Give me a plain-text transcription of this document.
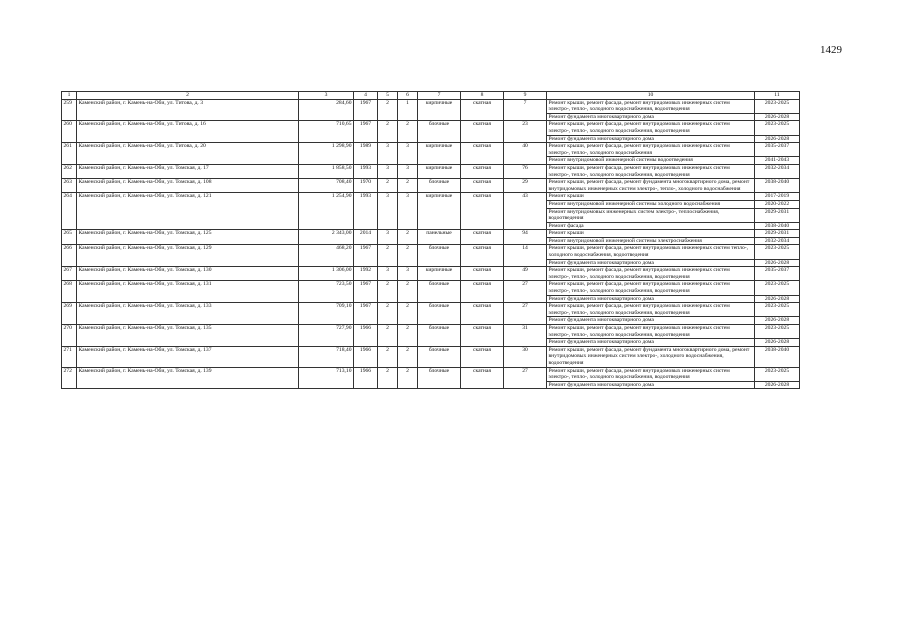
1429
1	2	3	4	5	6	7	8	9	10	11
259	Каменский район, г. Камень-на-Оби, ул. Титова, д. 3	284,60	1967	2	1	кирпичные	скатная	7	Ремонт крыши, ремонт фасада, ремонт внутридомовых инженерных систем электро-, тепло-, холодного водоснабжения, водоотведения	2023-2025
									Ремонт фундамента многоквартирного дома	2026-2028
260	Каменский район, г. Камень-на-Оби, ул. Титова, д. 16	710,65	1967	2	2	блочные	скатная	23	Ремонт крыши, ремонт фасада, ремонт внутридомовых инженерных систем электро-, тепло-, холодного водоснабжения, водоотведения	2023-2025
									Ремонт фундамента многоквартирного дома	2026-2028
261	Каменский район, г. Камень-на-Оби, ул. Титова, д. 20	1 298,90	1989	3	3	кирпичные	скатная	40	Ремонт крыши, ремонт фасада, ремонт внутридомовых инженерных систем электро-, тепло-, холодного водоснабжения	2035-2037
									Ремонт внутридомовой инженерной системы водоотведения	2041-2043
262	Каменский район, г. Камень-на-Оби, ул. Томская, д. 17	1 858,50	1993	3	3	кирпичные	скатная	76	Ремонт крыши, ремонт фасада, ремонт внутридомовых инженерных систем электро-, тепло-, холодного водоснабжения, водоотведения	2032-2034
263	Каменский район, г. Камень-на-Оби, ул. Томская, д. 108	708,40	1970	2	2	блочные	скатная	29	Ремонт крыши, ремонт фасада, ремонт фундамента многоквартирного дома, ремонт внутридомовых инженерных систем электро-, тепло-, холодного водоснабжения	2038-2040
264	Каменский район, г. Камень-на-Оби, ул. Томская, д. 121	1 254,90	1993	3	3	кирпичные	скатная	43	Ремонт крыши	2017-2019
									Ремонт внутридомовой инженерной системы холодного водоснабжения	2020-2022
									Ремонт внутридомовых инженерных систем электро-, теплоснабжения, водоотведения	2029-2031
									Ремонт фасада	2038-2040
265	Каменский район, г. Камень-на-Оби, ул. Томская, д. 125	2 343,00	2014	3	2	панельные	скатная	94	Ремонт крыши	2029-2031
									Ремонт внутридомовой инженерной системы электроснабжения	2032-2034
266	Каменский район, г. Камень-на-Оби, ул. Томская, д. 129	468,20	1967	2	2	блочные	скатная	14	Ремонт крыши, ремонт фасада, ремонт внутридомовых инженерных систем тепло-, холодного водоснабжения, водоотведения	2023-2025
									Ремонт фундамента многоквартирного дома	2026-2028
267	Каменский район, г. Камень-на-Оби, ул. Томская, д. 130	1 306,00	1992	3	3	кирпичные	скатная	49	Ремонт крыши, ремонт фасада, ремонт внутридомовых инженерных систем электро-, тепло-, холодного водоснабжения, водоотведения	2035-2037
268	Каменский район, г. Камень-на-Оби, ул. Томская, д. 131	723,50	1967	2	2	блочные	скатная	27	Ремонт крыши, ремонт фасада, ремонт внутридомовых инженерных систем электро-, тепло-, холодного водоснабжения, водоотведения	2023-2025
									Ремонт фундамента многоквартирного дома	2026-2028
269	Каменский район, г. Камень-на-Оби, ул. Томская, д. 133	709,10	1967	2	2	блочные	скатная	27	Ремонт крыши, ремонт фасада, ремонт внутридомовых инженерных систем электро-, тепло-, холодного водоснабжения, водоотведения	2023-2025
									Ремонт фундамента многоквартирного дома	2026-2028
270	Каменский район, г. Камень-на-Оби, ул. Томская, д. 135	727,90	1966	2	2	блочные	скатная	31	Ремонт крыши, ремонт фасада, ремонт внутридомовых инженерных систем электро-, тепло-, холодного водоснабжения, водоотведения	2023-2025
									Ремонт фундамента многоквартирного дома	2026-2028
271	Каменский район, г. Камень-на-Оби, ул. Томская, д. 137	718,40	1966	2	2	блочные	скатная	30	Ремонт крыши, ремонт фасада, ремонт фундамента многоквартирного дома, ремонт внутридомовых инженерных систем электро-, холодного водоснабжения, водоотведения	2038-2040
272	Каменский район, г. Камень-на-Оби, ул. Томская, д. 139	713,10	1966	2	2	блочные	скатная	27	Ремонт крыши, ремонт фасада, ремонт внутридомовых инженерных систем электро-, тепло-, холодного водоснабжения, водоотведения	2023-2025
									Ремонт фундамента многоквартирного дома	2026-2028
